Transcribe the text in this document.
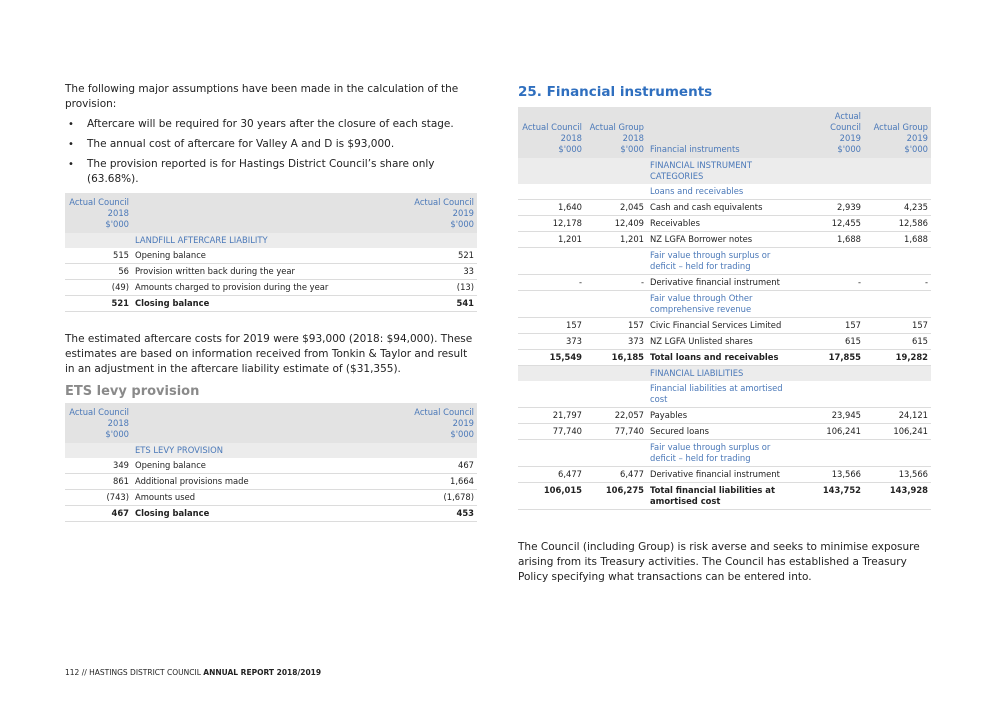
The following major assumptions have been made in the calculation of the provision:

• Aftercare will be required for 30 years after the closure of each stage.
• The annual cost of aftercare for Valley A and D is $93,000.
• The provision reported is for Hastings District Council’s share only (63.68%).
Actual Council
2018
$'000		Actual Council
2019
$'000
	LANDFILL AFTERCARE LIABILITY	
515	Opening balance	521
56	Provision written back during the year	33
(49)	Amounts charged to provision during the year	(13)
521	Closing balance	541

The estimated aftercare costs for 2019 were $93,000 (2018: $94,000). These estimates are based on information received from Tonkin & Taylor and result in an adjustment in the aftercare liability estimate of ($31,355).

ETS levy provision
Actual Council
2018
$'000		Actual Council
2019
$'000
	ETS LEVY PROVISION	
349	Opening balance	467
861	Additional provisions made	1,664
(743)	Amounts used	(1,678)
467	Closing balance	453
25. Financial instruments
Actual Council
2018
$'000	Actual Group
2018
$'000	Financial instruments	Actual Council
2019
$'000	Actual Group
2019
$'000
		FINANCIAL INSTRUMENT CATEGORIES		
		Loans and receivables		
1,640	2,045	Cash and cash equivalents	2,939	4,235
12,178	12,409	Receivables	12,455	12,586
1,201	1,201	NZ LGFA Borrower notes	1,688	1,688
		Fair value through surplus or deficit – held for trading		
-	-	Derivative financial instrument	-	-
		Fair value through Other comprehensive revenue		
157	157	Civic Financial Services Limited	157	157
373	373	NZ LGFA Unlisted shares	615	615
15,549	16,185	Total loans and receivables	17,855	19,282
		FINANCIAL LIABILITIES		
		Financial liabilities at amortised cost		
21,797	22,057	Payables	23,945	24,121
77,740	77,740	Secured loans	106,241	106,241
		Fair value through surplus or deficit – held for trading		
6,477	6,477	Derivative financial instrument	13,566	13,566
106,015	106,275	Total financial liabilities at amortised cost	143,752	143,928

The Council (including Group) is risk averse and seeks to minimise exposure arising from its Treasury activities. The Council has established a Treasury Policy specifying what transactions can be entered into.

112 // HASTINGS DISTRICT COUNCIL ANNUAL REPORT 2018/2019
